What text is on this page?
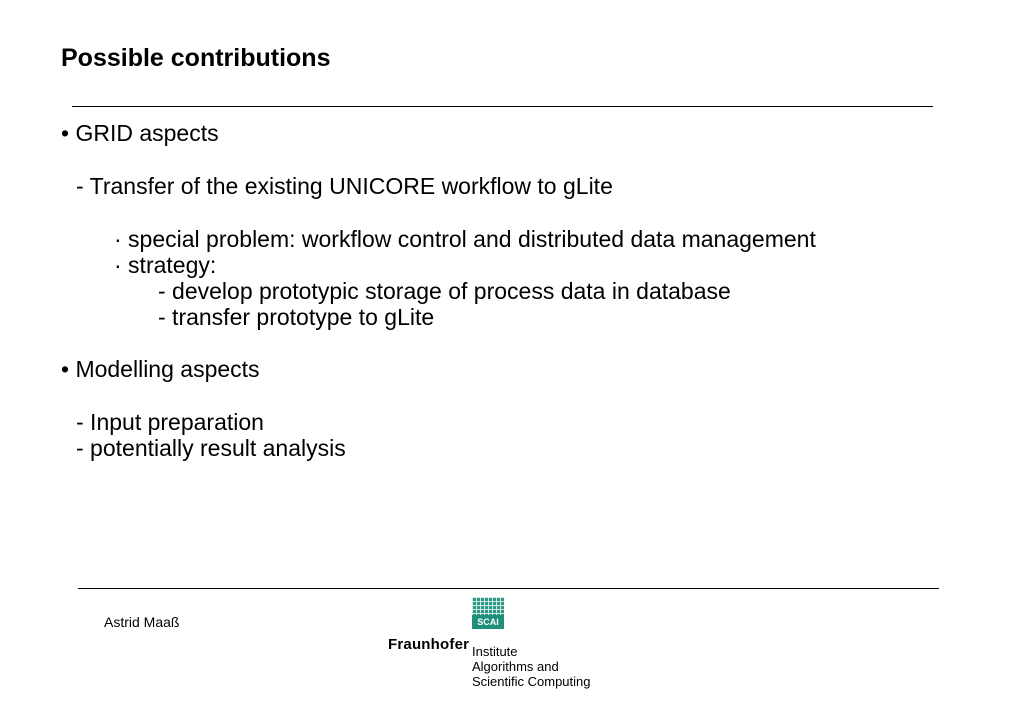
Possible contributions
• GRID aspects
- Transfer of the existing UNICORE workflow to gLite
· special problem: workflow control and distributed data management
· strategy:
- develop prototypic storage of process data in database
- transfer prototype to gLite
• Modelling aspects
- Input preparation
- potentially result analysis
Astrid Maaß	SCAI
Fraunhofer Institute
Algorithms and
Scientific Computing
